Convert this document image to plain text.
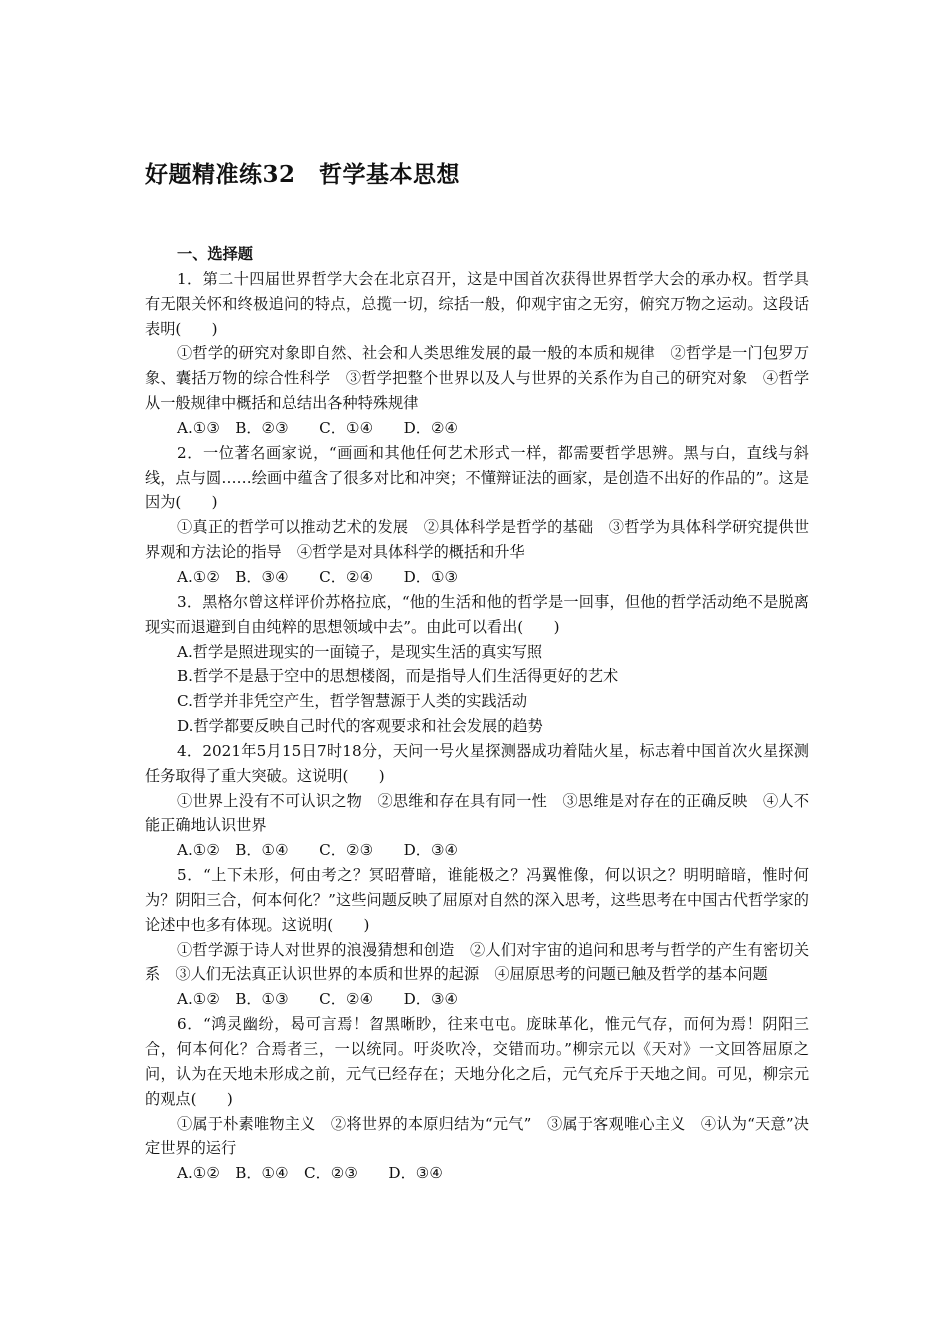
好题精准练32　哲学基本思想

一、选择题

1．第二十四届世界哲学大会在北京召开，这是中国首次获得世界哲学大会的承办权。哲学具有无限关怀和终极追问的特点，总揽一切，综括一般，仰观宇宙之无穷，俯究万物之运动。这段话表明(　　)

①哲学的研究对象即自然、社会和人类思维发展的最一般的本质和规律　②哲学是一门包罗万象、囊括万物的综合性科学　③哲学把整个世界以及人与世界的关系作为自己的研究对象　④哲学从一般规律中概括和总结出各种特殊规律

A.①③　B．②③　　C．①④　　D．②④

2．一位著名画家说，“画画和其他任何艺术形式一样，都需要哲学思辨。黑与白，直线与斜线，点与圆……绘画中蕴含了很多对比和冲突；不懂辩证法的画家，是创造不出好的作品的”。这是因为(　　)

①真正的哲学可以推动艺术的发展　②具体科学是哲学的基础　③哲学为具体科学研究提供世界观和方法论的指导　④哲学是对具体科学的概括和升华

A.①②　B．③④　　C．②④　　D．①③

3．黑格尔曾这样评价苏格拉底，“他的生活和他的哲学是一回事，但他的哲学活动绝不是脱离现实而退避到自由纯粹的思想领域中去”。由此可以看出(　　)

A.哲学是照进现实的一面镜子，是现实生活的真实写照

B.哲学不是悬于空中的思想楼阁，而是指导人们生活得更好的艺术

C.哲学并非凭空产生，哲学智慧源于人类的实践活动

D.哲学都要反映自己时代的客观要求和社会发展的趋势

4．2021年5月15日7时18分，天问一号火星探测器成功着陆火星，标志着中国首次火星探测任务取得了重大突破。这说明(　　)

①世界上没有不可认识之物　②思维和存在具有同一性　③思维是对存在的正确反映　④人不能正确地认识世界

A.①②　B．①④　　C．②③　　D．③④

5．“上下未形，何由考之？冥昭瞢暗，谁能极之？冯翼惟像，何以识之？明明暗暗，惟时何为？阴阳三合，何本何化？”这些问题反映了屈原对自然的深入思考，这些思考在中国古代哲学家的论述中也多有体现。这说明(　　)

①哲学源于诗人对世界的浪漫猜想和创造　②人们对宇宙的追问和思考与哲学的产生有密切关系　③人们无法真正认识世界的本质和世界的起源　④屈原思考的问题已触及哲学的基本问题

A.①②　B．①③　　C．②④　　D．③④

6．“鸿灵幽纷，曷可言焉！曶黑晰眇，往来屯屯。庞昧革化，惟元气存，而何为焉！阴阳三合，何本何化？合焉者三，一以统同。吁炎吹冷，交错而功。”柳宗元以《天对》一文回答屈原之问，认为在天地未形成之前，元气已经存在；天地分化之后，元气充斥于天地之间。可见，柳宗元的观点(　　)

①属于朴素唯物主义　②将世界的本原归结为“元气”　③属于客观唯心主义　④认为“天意”决定世界的运行

A.①②　B．①④　C．②③　　D．③④
